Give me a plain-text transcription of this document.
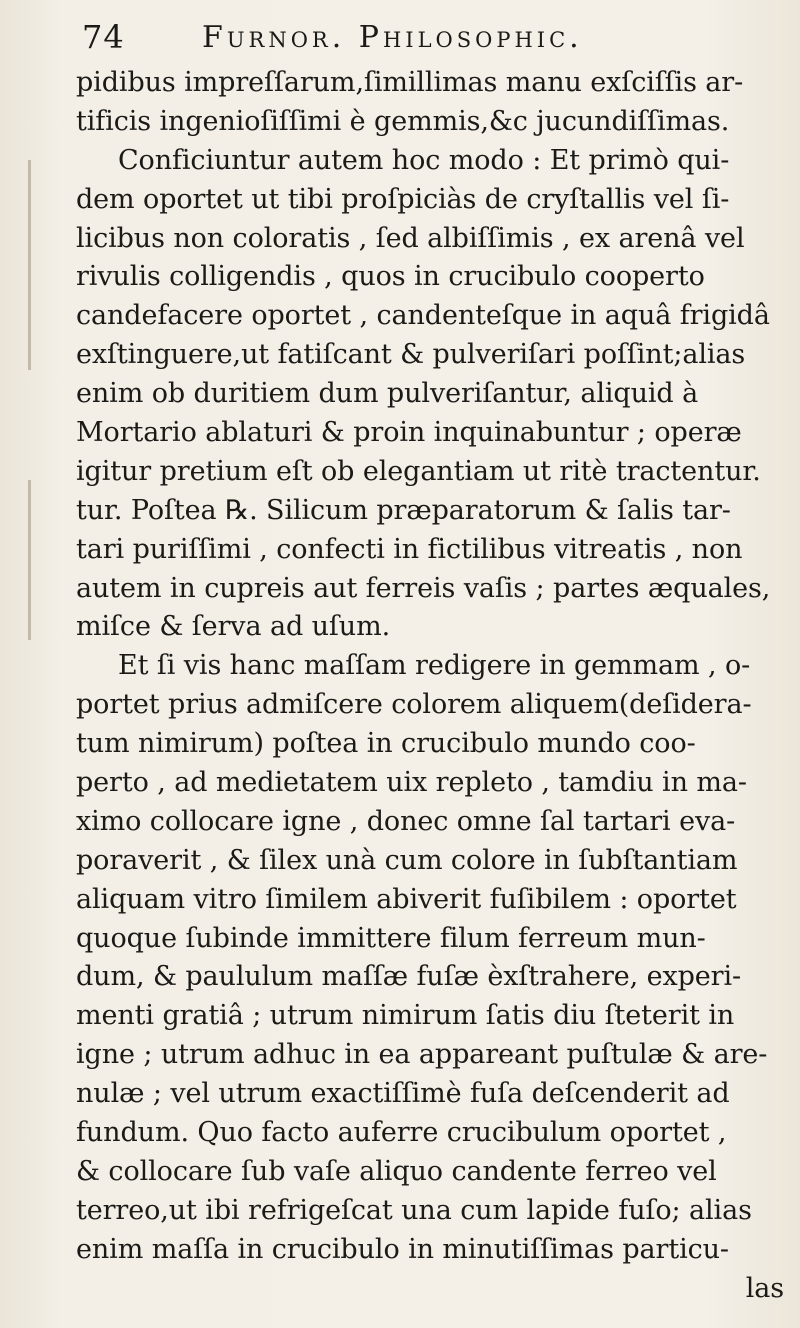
74	Furnor. Philosophic.
pidibus impreſſarum,ſimillimas manu exſciſſis ar-
tificis ingenioſiſſimi è gemmis,&c jucundiſſimas.
Conficiuntur autem hoc modo : Et primò qui-
dem oportet ut tibi proſpiciàs de cryſtallis vel ſi-
licibus non coloratis , ſed albiſſimis , ex arenâ vel
rivulis colligendis , quos in crucibulo cooperto
candefacere oportet , candenteſque in aquâ frigidâ
exſtinguere,ut fatiſcant & pulveriſari poſſint;alias
enim ob duritiem dum pulveriſantur, aliquid à
Mortario ablaturi & proin inquinabuntur ; operæ
igitur pretium eſt ob elegantiam ut ritè tractentur.
tur. Poſtea ℞. Silicum præparatorum & ſalis tar-
tari puriſſimi , confecti in fictilibus vitreatis , non
autem in cupreis aut ferreis vaſis ; partes æquales,
miſce & ſerva ad uſum.
Et ſi vis hanc maſſam redigere in gemmam , o-
portet prius admiſcere colorem aliquem(deſidera-
tum nimirum) poſtea in crucibulo mundo coo-
perto , ad medietatem uix repleto , tamdiu in ma-
ximo collocare igne , donec omne ſal tartari eva-
poraverit , & ſilex unà cum colore in ſubſtantiam
aliquam vitro ſimilem abiverit fuſibilem : oportet
quoque ſubinde immittere filum ferreum mun-
dum, & paululum maſſæ fuſæ èxſtrahere, experi-
menti gratiâ ; utrum nimirum ſatis diu ſteterit in
igne ; utrum adhuc in ea appareant puſtulæ & are-
nulæ ; vel utrum exactiſſimè fuſa deſcenderit ad
fundum. Quo facto auferre crucibulum oportet ,
& collocare ſub vaſe aliquo candente ferreo vel
terreo,ut ibi refrigeſcat una cum lapide fuſo; alias
enim maſſa in crucibulo in minutiſſimas particu-
las
